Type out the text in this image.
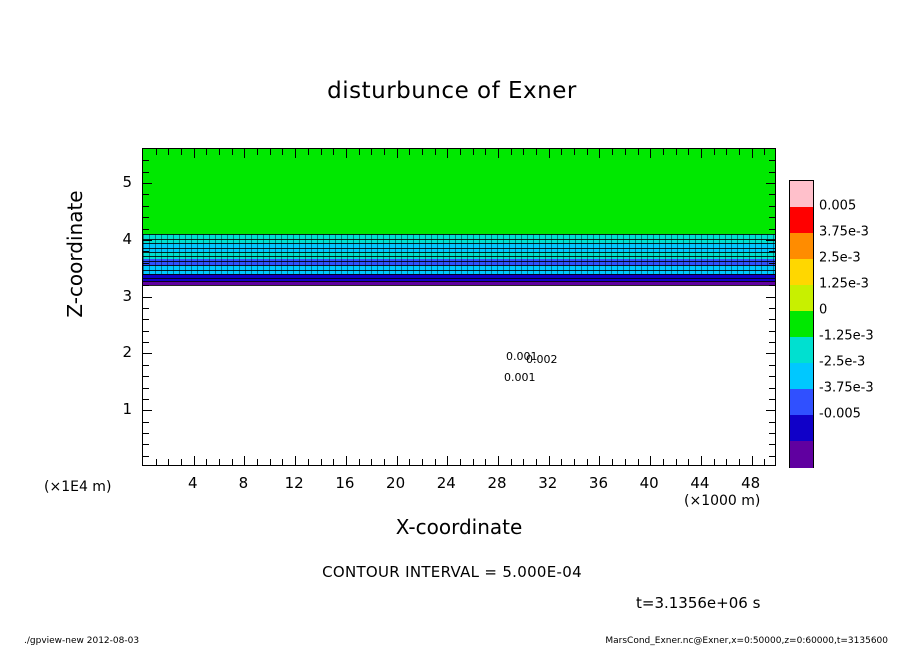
disturbunce of Exner
0.001
0.002
0.001
4	8 12 16 20 24 28 32 36 40 44 48
1
2
3
4
5
(×1E4 m)
(×1000 m)
X-coordinate
Z-coordinate	0.005
3.75e-3
2.5e-3
1.25e-3
0
-1.25e-3
-2.5e-3
-3.75e-3
-0.005
CONTOUR INTERVAL = 5.000E-04
t=3.1356e+06 s
./gpview-new 2012-08-03	MarsCond_Exner.nc@Exner,x=0:50000,z=0:60000,t=3135600
